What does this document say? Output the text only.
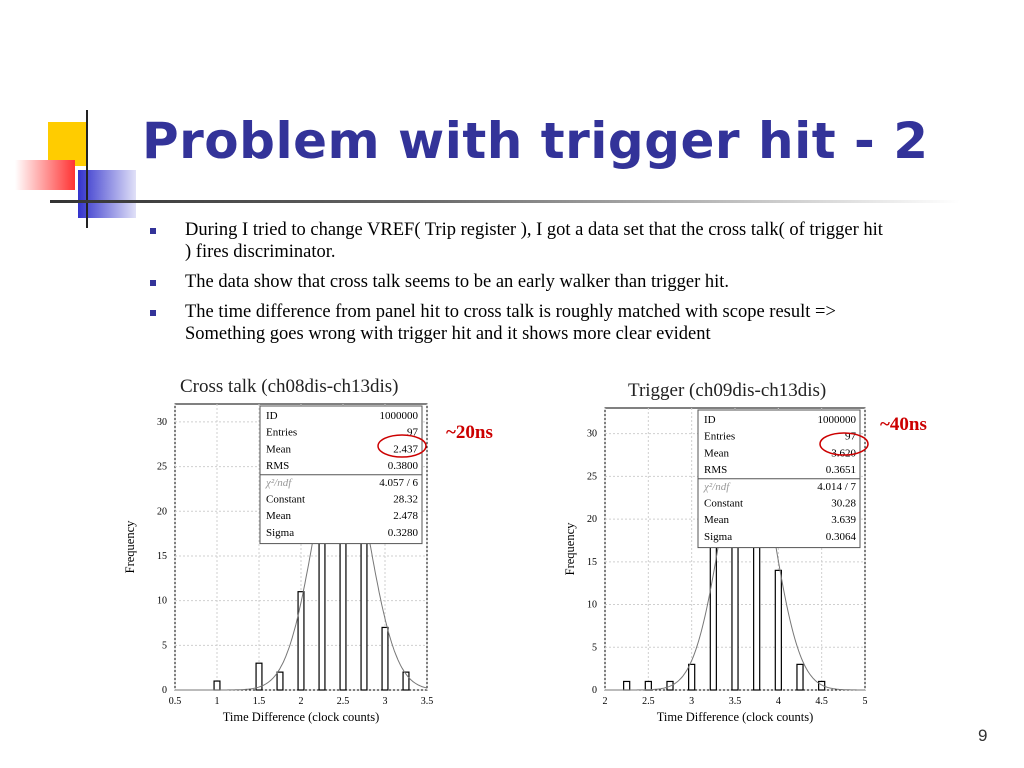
Problem with trigger hit - 2
During I tried to change VREF( Trip register ), I got a data set that the cross talk( of trigger hit ) fires discriminator.
The data show that cross talk seems to be an early walker than trigger hit.
The time difference from panel hit to cross talk is roughly matched with scope result => Something goes wrong with trigger hit and it shows more clear evident
Cross talk (ch08dis-ch13dis)	Trigger (ch09dis-ch13dis)
0.5	1	1.5	2	2.5	3	3.5
0
5
10
15
20
25
30
ID	1000000
Entries	97
Mean	2.437
RMS	0.3800
χ²/ndf	4.057 / 6
Constant	28.32
Mean	2.478
Sigma	0.3280
Time Difference (clock counts)
Frequency
2	2.5	3	3.5	4	4.5	5
0
5
10
15
20
25
30
ID	1000000
Entries	97
Mean	3.620
RMS	0.3651
χ²/ndf	4.014 / 7
Constant	30.28
Mean	3.639
Sigma	0.3064
Time Difference (clock counts)
Frequency
~20ns	~40ns
9
